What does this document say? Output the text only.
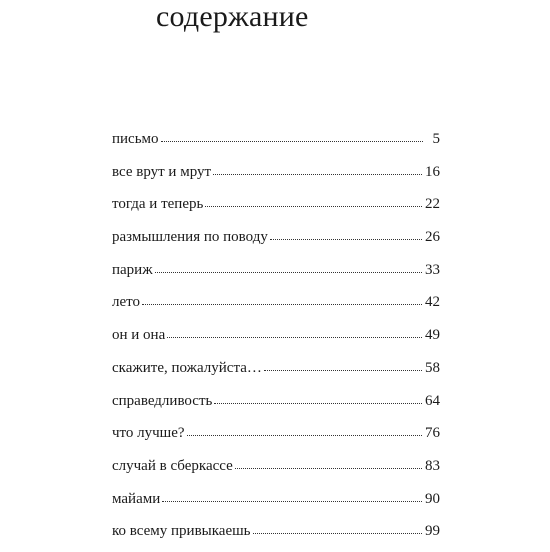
содержание
письмо	5
все врут и мрут	16
тогда и теперь	22
размышления по поводу	26
париж	33
лето	42
он и она	49
скажите, пожалуйста…	58
справедливость	64
что лучше?	76
случай в сберкассе	83
майами	90
ко всему привыкаешь	99
